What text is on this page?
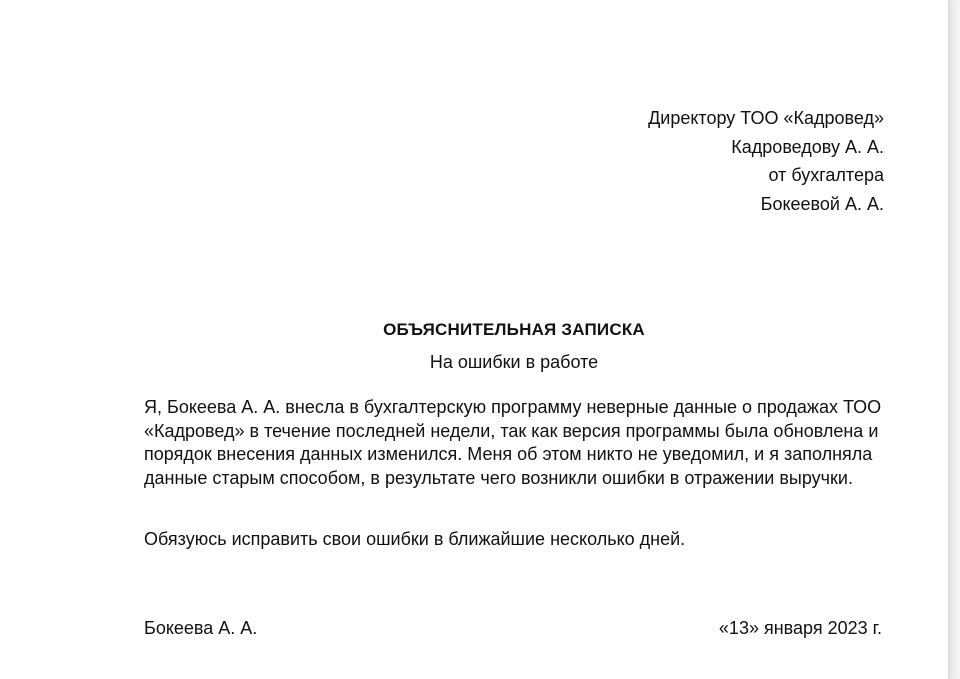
Директору ТОО «Кадровед»
Кадроведову А. А.
от бухгалтера
Бокеевой А. А.
ОБЪЯСНИТЕЛЬНАЯ ЗАПИСКА
На ошибки в работе
Я, Бокеева А. А. внесла в бухгалтерскую программу неверные данные о продажах ТОО «Кадровед» в течение последней недели, так как версия программы была обновлена и порядок внесения данных изменился. Меня об этом никто не уведомил, и я заполняла данные старым способом, в результате чего возникли ошибки в отражении выручки.
Обязуюсь исправить свои ошибки в ближайшие несколько дней.
Бокеева А. А.	«13» января 2023 г.
